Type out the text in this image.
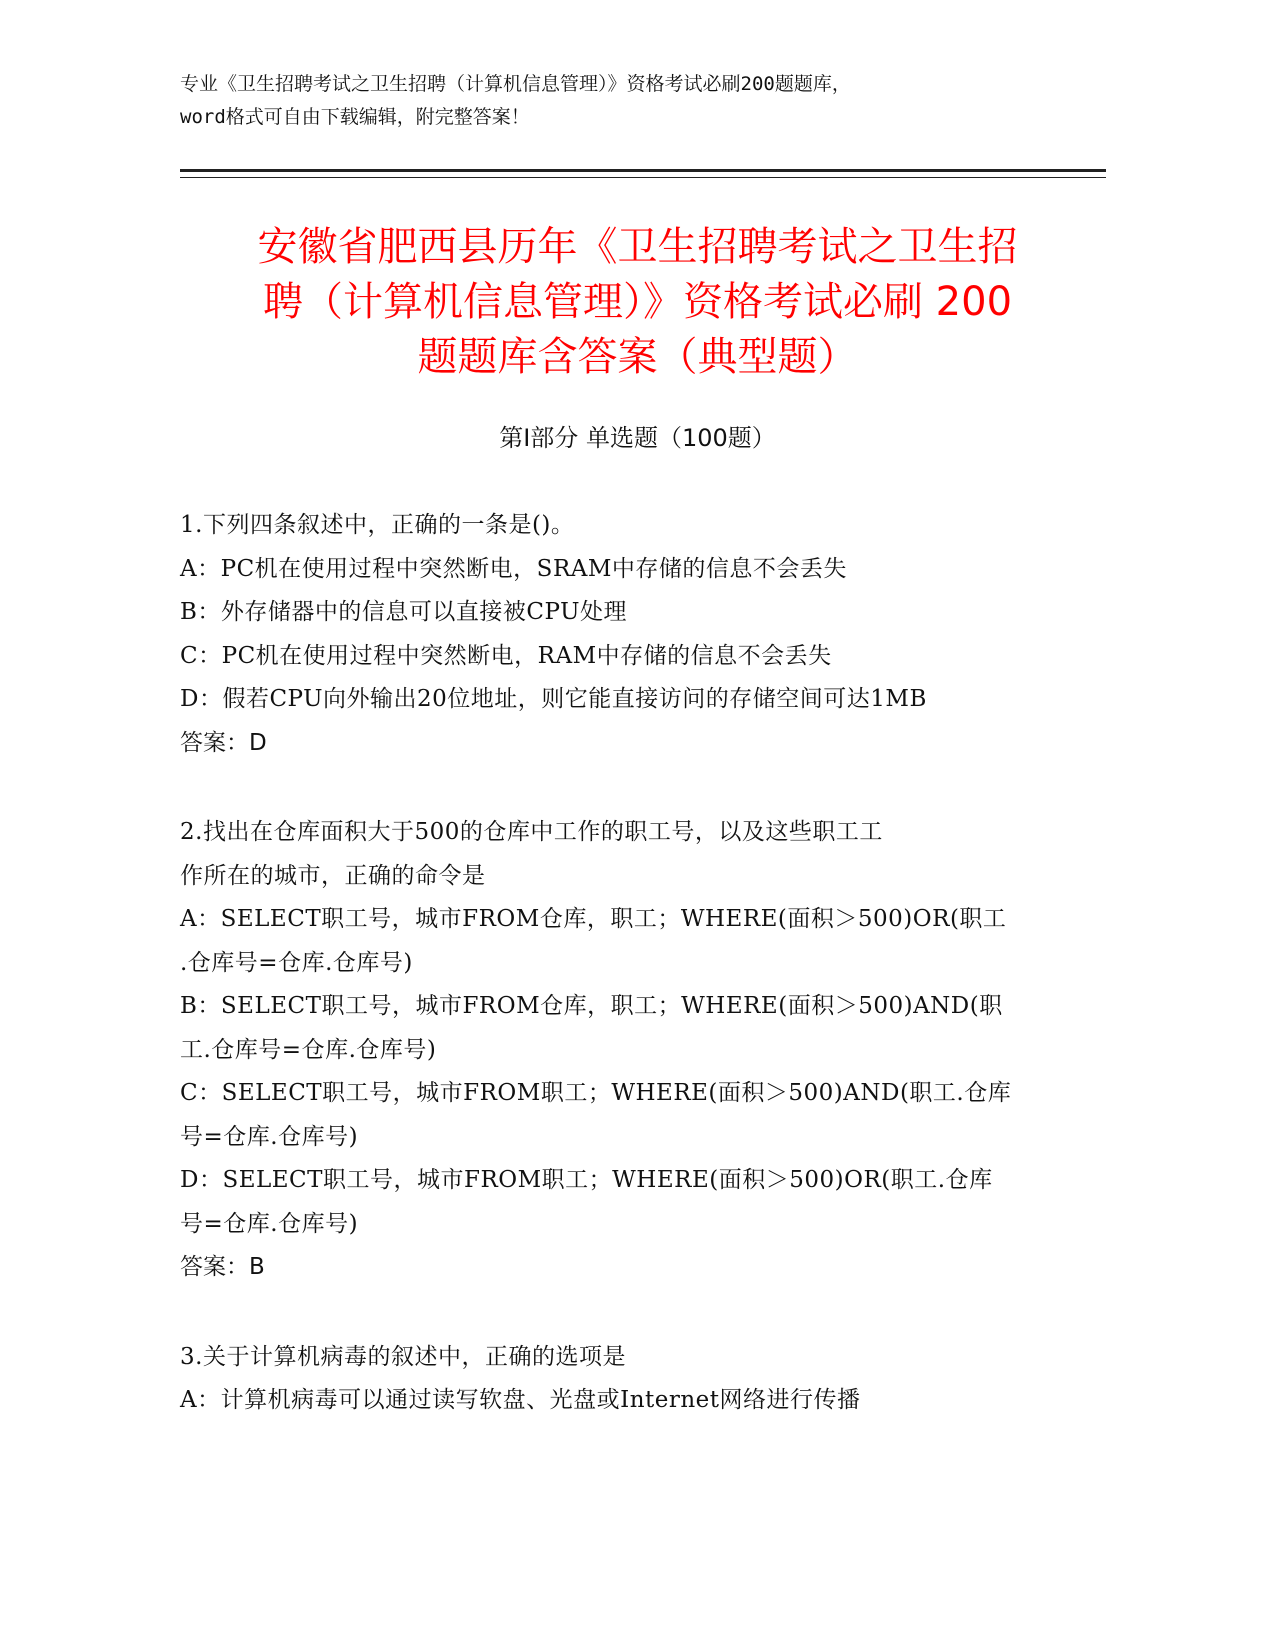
专业《卫生招聘考试之卫生招聘（计算机信息管理）》资格考试必刷200题题库，
word格式可自由下载编辑，附完整答案！
安徽省肥西县历年《卫生招聘考试之卫生招
聘（计算机信息管理）》资格考试必刷 200
题题库含答案（典型题）
第Ⅰ部分 单选题（100题）
1.下列四条叙述中，正确的一条是()。
A：PC机在使用过程中突然断电，SRAM中存储的信息不会丢失
B：外存储器中的信息可以直接被CPU处理
C：PC机在使用过程中突然断电，RAM中存储的信息不会丢失
D：假若CPU向外输出20位地址，则它能直接访问的存储空间可达1MB
答案：D
2.找出在仓库面积大于500的仓库中工作的职工号，以及这些职工工
作所在的城市，正确的命令是
A：SELECT职工号，城市FROM仓库，职工；WHERE(面积＞500)OR(职工
.仓库号=仓库.仓库号)
B：SELECT职工号，城市FROM仓库，职工；WHERE(面积＞500)AND(职
工.仓库号=仓库.仓库号)
C：SELECT职工号，城市FROM职工；WHERE(面积＞500)AND(职工.仓库
号=仓库.仓库号)
D：SELECT职工号，城市FROM职工；WHERE(面积＞500)OR(职工.仓库
号=仓库.仓库号)
答案：B
3.关于计算机病毒的叙述中，正确的选项是
A：计算机病毒可以通过读写软盘、光盘或Internet网络进行传播
